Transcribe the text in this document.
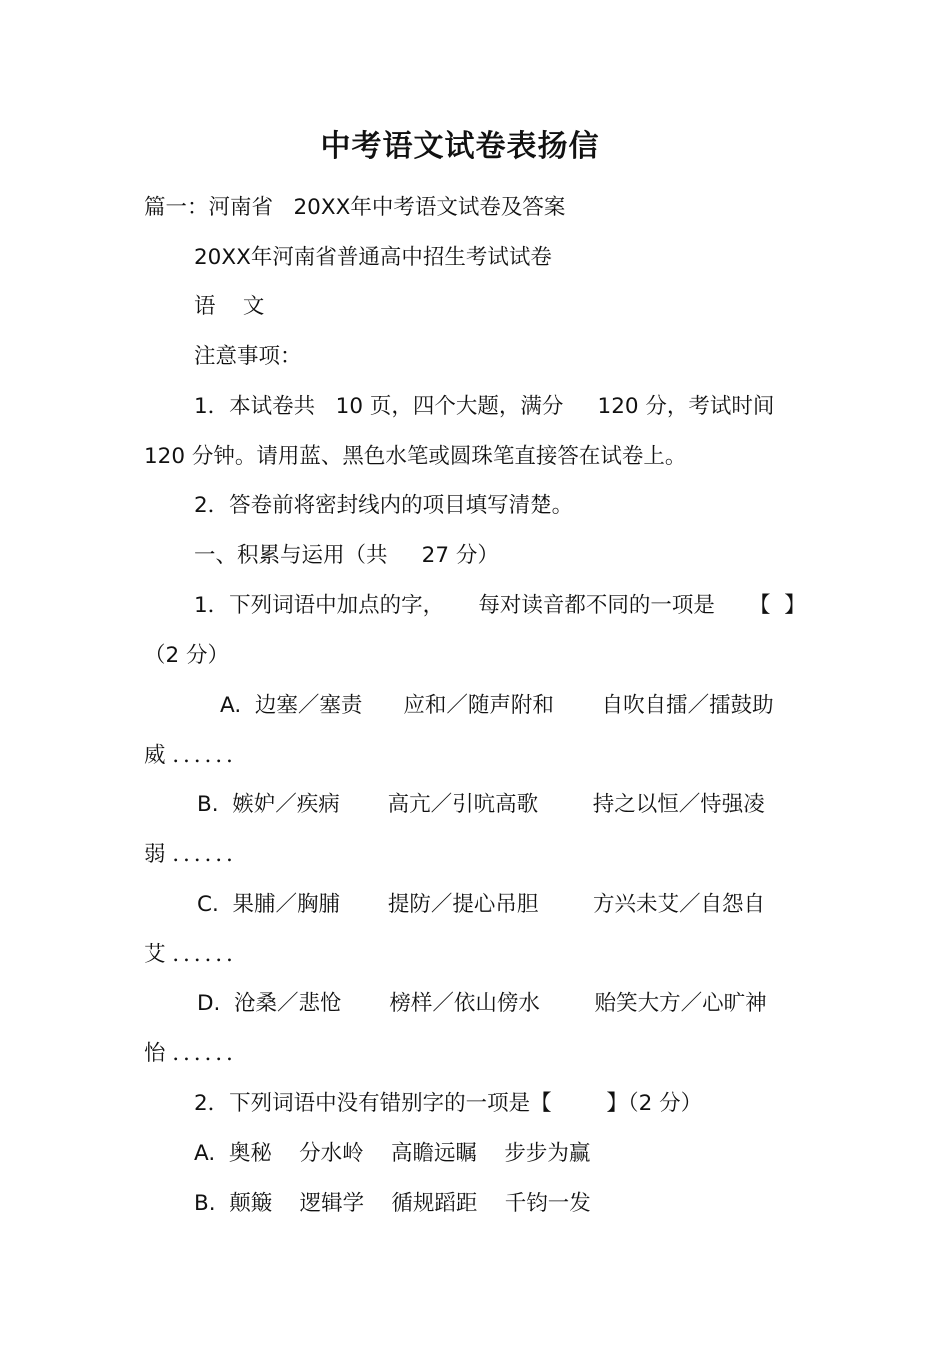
中考语文试卷表扬信
篇一：河南省   20XX年中考语文试卷及答案
20XX年河南省普通高中招生考试试卷
语    文
注意事项：
1．本试卷共   10 页，四个大题，满分     120 分，考试时间
120 分钟。请用蓝、黑色水笔或圆珠笔直接答在试卷上。
2．答卷前将密封线内的项目填写清楚。
一、积累与运用（共     27 分）
1．下列词语中加点的字，     每对读音都不同的一项是     【  】
（2 分）
A.  边塞／塞责      应和／随声附和       自吹自擂／擂鼓助
威 ．．．．．．
B.  嫉妒／疾病       高亢／引吭高歌        持之以恒／恃强凌
弱 ．．．．．．
C.  果脯／胸脯       提防／提心吊胆        方兴未艾／自怨自
艾 ．．．．．．
D.  沧桑／悲怆       榜样／依山傍水        贻笑大方／心旷神
怡 ．．．．．．
2．下列词语中没有错别字的一项是【        】（2 分）
A.  奥秘    分水岭    高瞻远瞩    步步为赢
B.  颠簸    逻辑学    循规蹈距    千钧一发
